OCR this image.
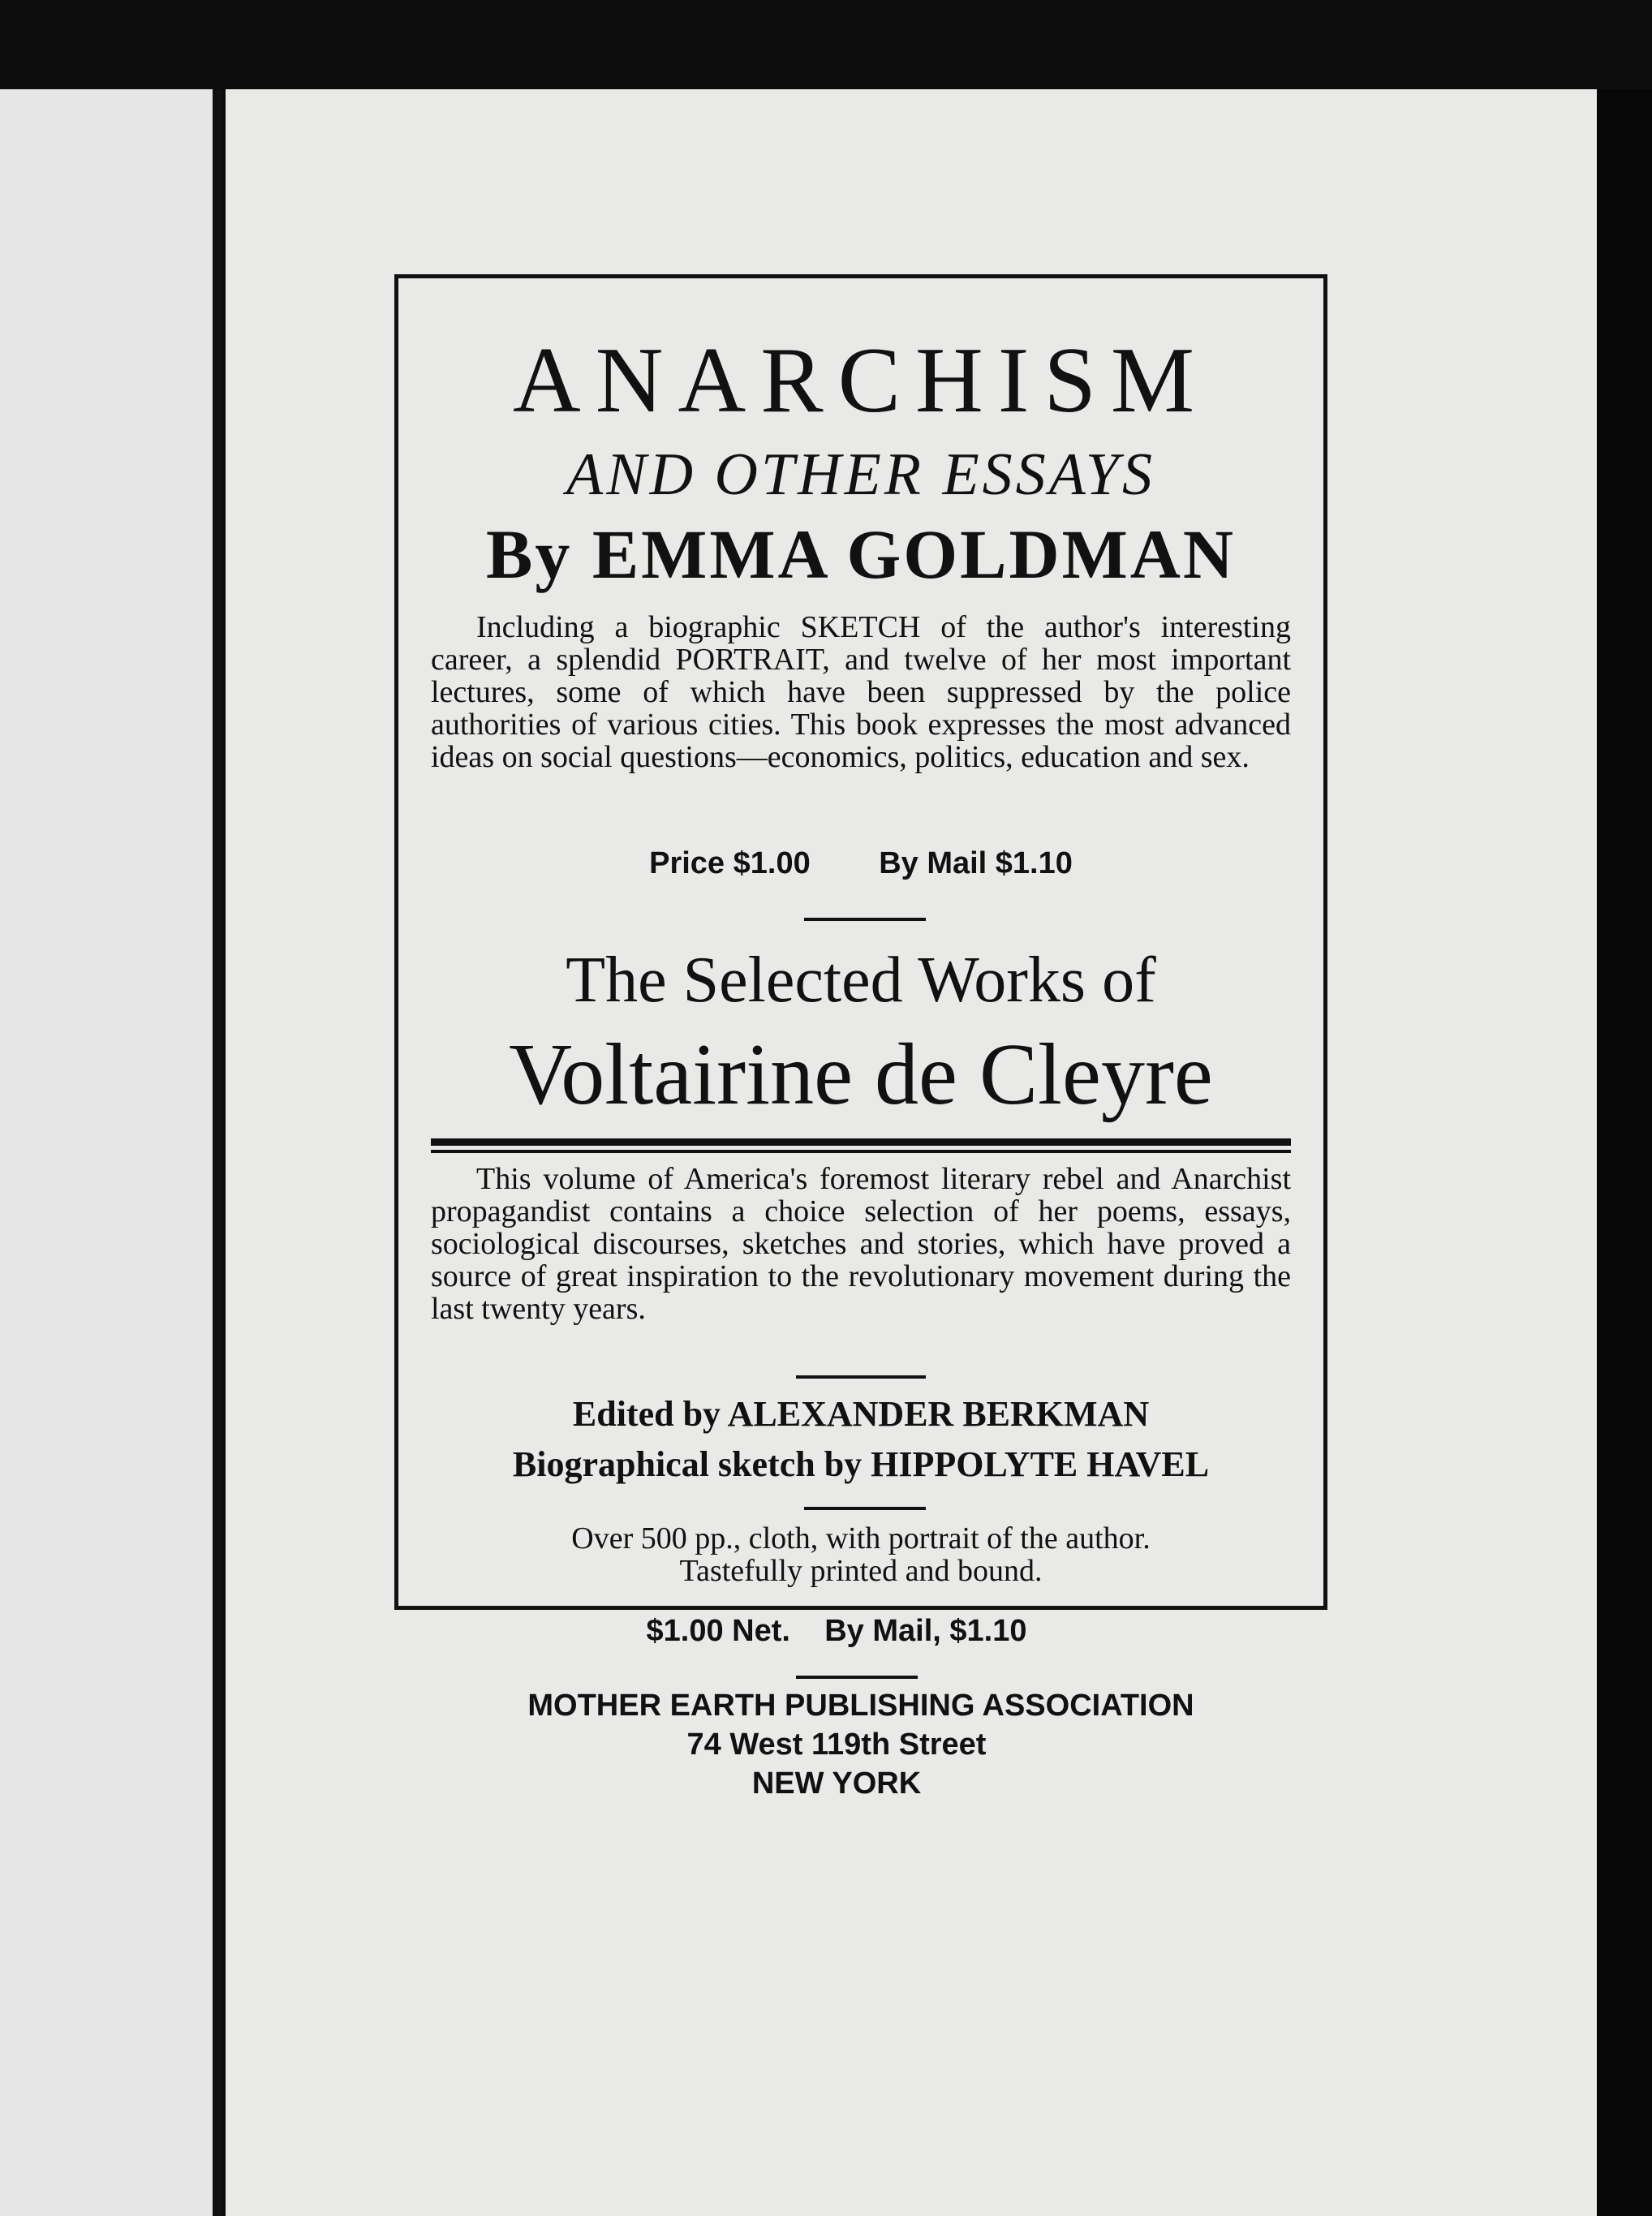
ANARCHISM
AND OTHER ESSAYS
By EMMA GOLDMAN
Including a biographic SKETCH of the author's interesting career, a splendid PORTRAIT, and twelve of her most important lectures, some of which have been suppressed by the police authorities of various cities. This book expresses the most advanced ideas on social questions—economics, politics, education and sex.
Price $1.00 By Mail $1.10
The Selected Works of
Voltairine de Cleyre
This volume of America's foremost literary rebel and Anarchist propagandist contains a choice selection of her poems, essays, sociological discourses, sketches and stories, which have proved a source of great inspiration to the revolutionary movement during the last twenty years.
Edited by ALEXANDER BERKMAN
Biographical sketch by HIPPOLYTE HAVEL
Over 500 pp., cloth, with portrait of the author.
Tastefully printed and bound.
$1.00 Net. By Mail, $1.10
MOTHER EARTH PUBLISHING ASSOCIATION
74 West 119th Street
NEW YORK
